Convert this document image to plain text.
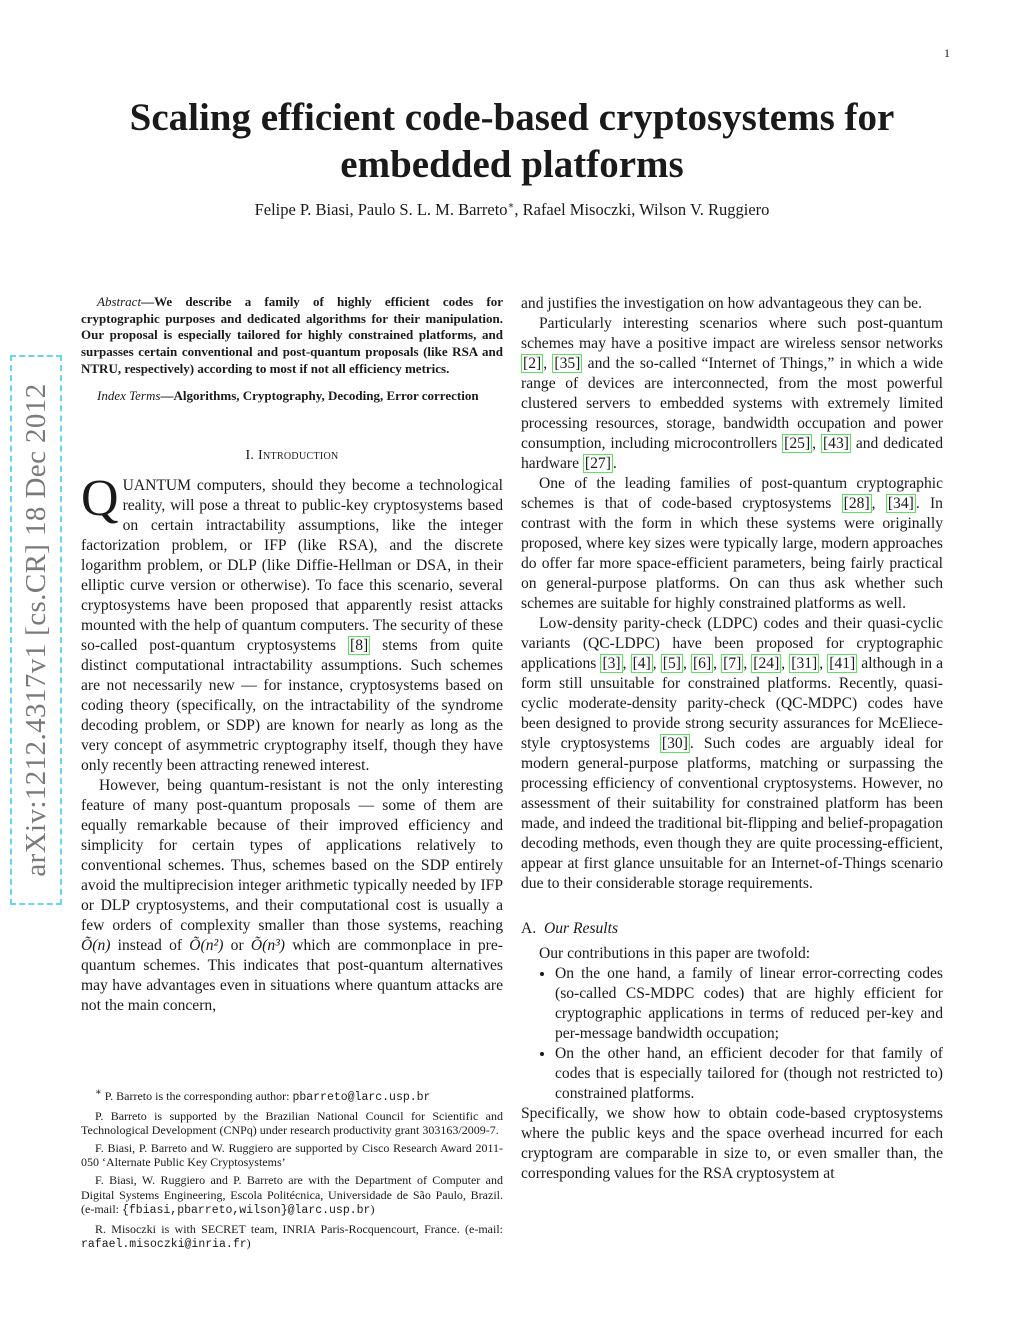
1
Scaling efficient code-based cryptosystems for embedded platforms
Felipe P. Biasi, Paulo S. L. M. Barreto∗, Rafael Misoczki, Wilson V. Ruggiero
arXiv:1212.4317v1 [cs.CR] 18 Dec 2012

Abstract—We describe a family of highly efficient codes for cryptographic purposes and dedicated algorithms for their manipulation. Our proposal is especially tailored for highly constrained platforms, and surpasses certain conventional and post-quantum proposals (like RSA and NTRU, respectively) according to most if not all efficiency metrics.

Index Terms—Algorithms, Cryptography, Decoding, Error correction

I. Introduction

QUANTUM computers, should they become a technological reality, will pose a threat to public-key cryptosystems based on certain intractability assumptions, like the integer factorization problem, or IFP (like RSA), and the discrete logarithm problem, or DLP (like Diffie-Hellman or DSA, in their elliptic curve version or otherwise). To face this scenario, several cryptosystems have been proposed that apparently resist attacks mounted with the help of quantum computers. The security of these so-called post-quantum cryptosystems [8] stems from quite distinct computational intractability assumptions. Such schemes are not necessarily new — for instance, cryptosystems based on coding theory (specifically, on the intractability of the syndrome decoding problem, or SDP) are known for nearly as long as the very concept of asymmetric cryptography itself, though they have only recently been attracting renewed interest.

However, being quantum-resistant is not the only interesting feature of many post-quantum proposals — some of them are equally remarkable because of their improved efficiency and simplicity for certain types of applications relatively to conventional schemes. Thus, schemes based on the SDP entirely avoid the multiprecision integer arithmetic typically needed by IFP or DLP cryptosystems, and their computational cost is usually a few orders of complexity smaller than those systems, reaching Õ(n) instead of Õ(n²) or Õ(n³) which are commonplace in pre-quantum schemes. This indicates that post-quantum alternatives may have advantages even in situations where quantum attacks are not the main concern,

∗ P. Barreto is the corresponding author: pbarreto@larc.usp.br

P. Barreto is supported by the Brazilian National Council for Scientific and Technological Development (CNPq) under research productivity grant 303163/2009-7.

F. Biasi, P. Barreto and W. Ruggiero are supported by Cisco Research Award 2011-050 ‘Alternate Public Key Cryptosystems’

F. Biasi, W. Ruggiero and P. Barreto are with the Department of Computer and Digital Systems Engineering, Escola Politécnica, Universidade de São Paulo, Brazil. (e-mail: {fbiasi,pbarreto,wilson}@larc.usp.br)

R. Misoczki is with SECRET team, INRIA Paris-Rocquencourt, France. (e-mail: rafael.misoczki@inria.fr)

and justifies the investigation on how advantageous they can be.

Particularly interesting scenarios where such post-quantum schemes may have a positive impact are wireless sensor networks [2] , [35] and the so-called “Internet of Things,” in which a wide range of devices are interconnected, from the most powerful clustered servers to embedded systems with extremely limited processing resources, storage, bandwidth occupation and power consumption, including microcontrollers [25] , [43] and dedicated hardware [27] .

One of the leading families of post-quantum cryptographic schemes is that of code-based cryptosystems [28] , [34] . In contrast with the form in which these systems were originally proposed, where key sizes were typically large, modern approaches do offer far more space-efficient parameters, being fairly practical on general-purpose platforms. On can thus ask whether such schemes are suitable for highly constrained platforms as well.

Low-density parity-check (LDPC) codes and their quasi-cyclic variants (QC-LDPC) have been proposed for cryptographic applications [3] , [4] , [5] , [6] , [7] , [24] , [31] , [41] although in a form still unsuitable for constrained platforms. Recently, quasi-cyclic moderate-density parity-check (QC-MDPC) codes have been designed to provide strong security assurances for McEliece-style cryptosystems [30] . Such codes are arguably ideal for modern general-purpose platforms, matching or surpassing the processing efficiency of conventional cryptosystems. However, no assessment of their suitability for constrained platform has been made, and indeed the traditional bit-flipping and belief-propagation decoding methods, even though they are quite processing-efficient, appear at first glance unsuitable for an Internet-of-Things scenario due to their considerable storage requirements.

A. Our Results

Our contributions in this paper are twofold:

• On the one hand, a family of linear error-correcting codes (so-called CS-MDPC codes) that are highly efficient for cryptographic applications in terms of reduced per-key and per-message bandwidth occupation;
• On the other hand, an efficient decoder for that family of codes that is especially tailored for (though not restricted to) constrained platforms.

Specifically, we show how to obtain code-based cryptosystems where the public keys and the space overhead incurred for each cryptogram are comparable in size to, or even smaller than, the corresponding values for the RSA cryptosystem at
